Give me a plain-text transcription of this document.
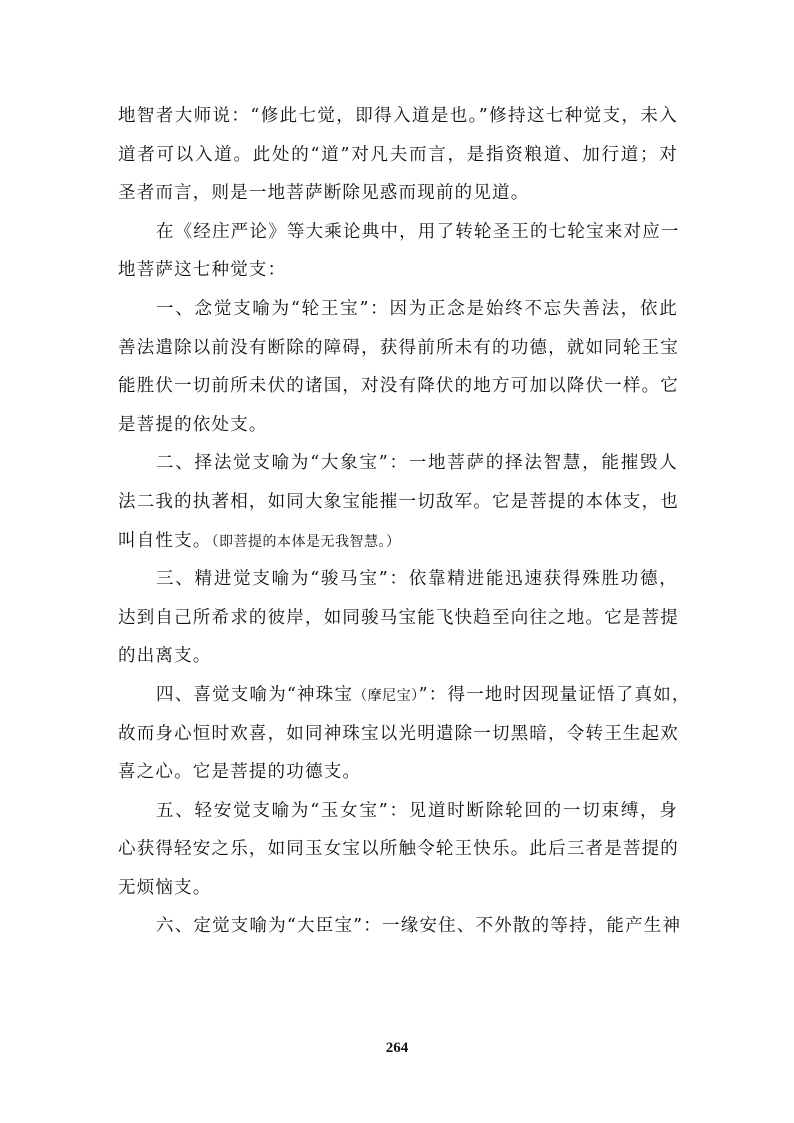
地智者大师说：“修此七觉，即得入道是也。”修持这七种觉支，未入
道者可以入道。此处的“道”对凡夫而言，是指资粮道、加行道；对
圣者而言，则是一地菩萨断除见惑而现前的见道。
在《经庄严论》等大乘论典中，用了转轮圣王的七轮宝来对应一
地菩萨这七种觉支：
一、念觉支喻为“轮王宝”：因为正念是始终不忘失善法，依此
善法遣除以前没有断除的障碍，获得前所未有的功德，就如同轮王宝
能胜伏一切前所未伏的诸国，对没有降伏的地方可加以降伏一样。它
是菩提的依处支。
二、择法觉支喻为“大象宝”：一地菩萨的择法智慧，能摧毁人
法二我的执著相，如同大象宝能摧一切敌军。它是菩提的本体支，也
叫自性支。（即菩提的本体是无我智慧。）
三、精进觉支喻为“骏马宝”：依靠精进能迅速获得殊胜功德，
达到自己所希求的彼岸，如同骏马宝能飞快趋至向往之地。它是菩提
的出离支。
四、喜觉支喻为“神珠宝（摩尼宝）”：得一地时因现量证悟了真如，
故而身心恒时欢喜，如同神珠宝以光明遣除一切黑暗，令转王生起欢
喜之心。它是菩提的功德支。
五、轻安觉支喻为“玉女宝”：见道时断除轮回的一切束缚，身
心获得轻安之乐，如同玉女宝以所触令轮王快乐。此后三者是菩提的
无烦恼支。
六、定觉支喻为“大臣宝”：一缘安住、不外散的等持，能产生神
264
